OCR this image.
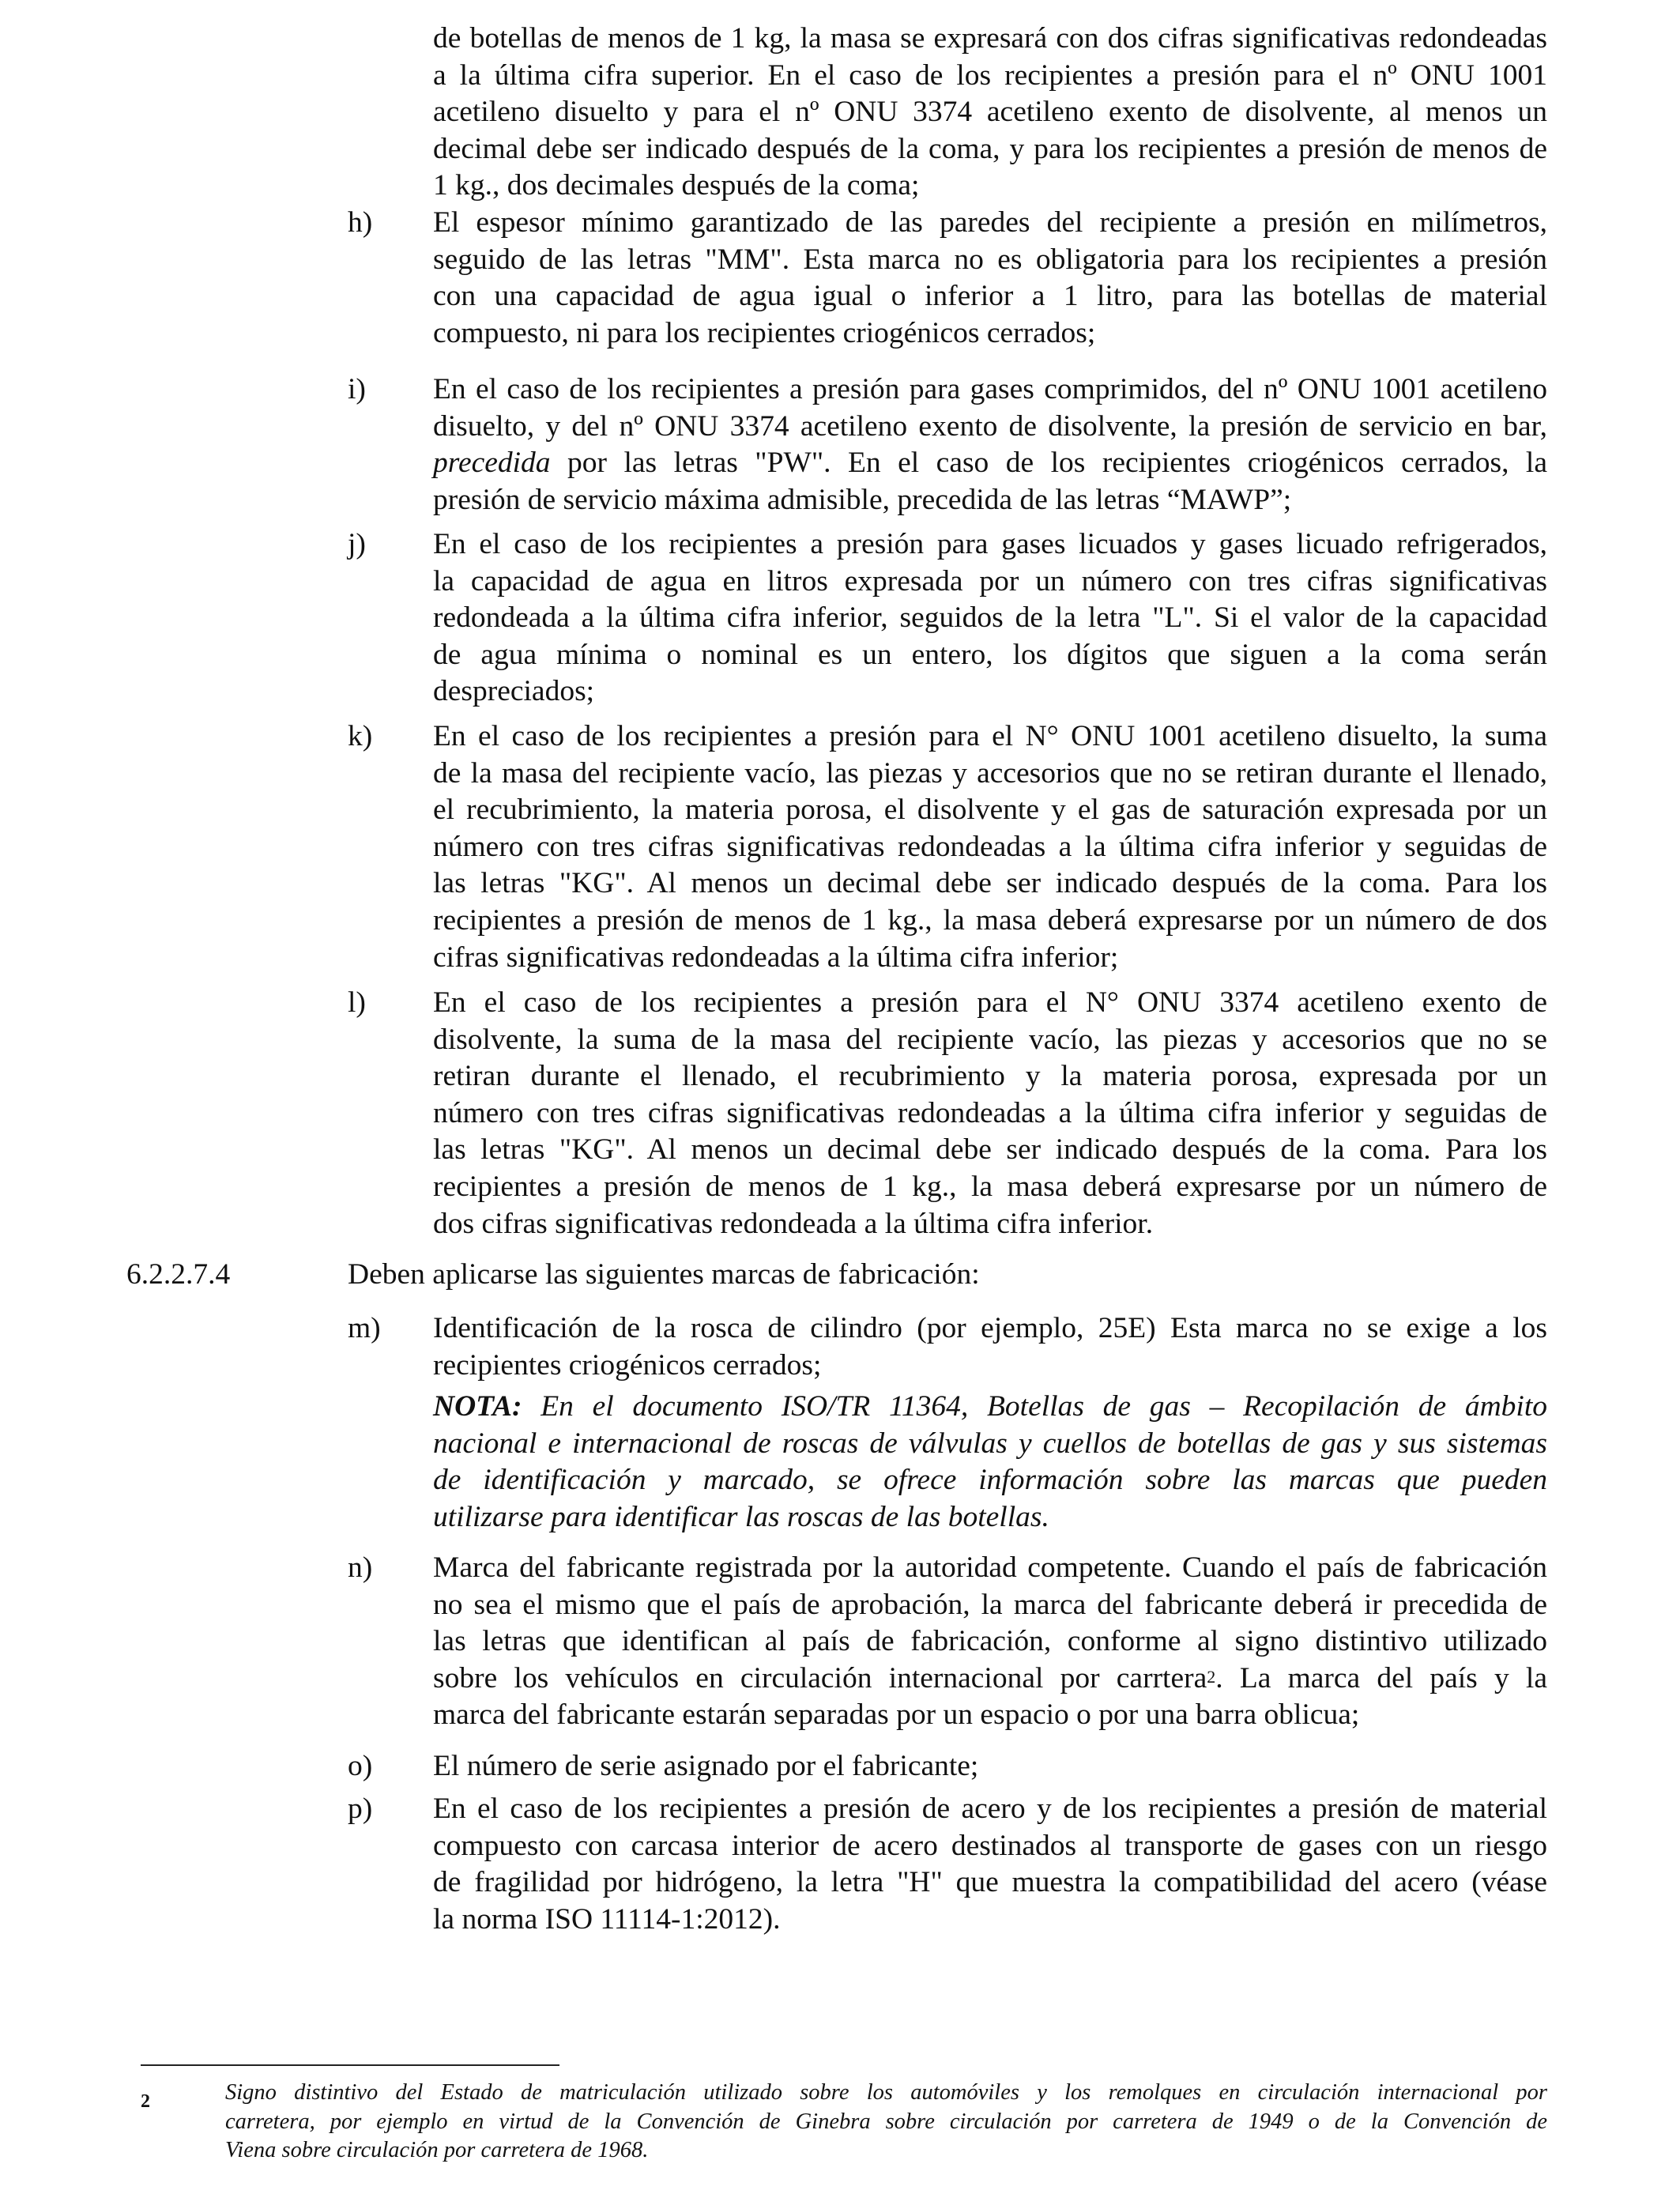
de botellas de menos de 1 kg, la masa se expresará con dos cifras significativas redondeadas
a la última cifra superior. En el caso de los recipientes a presión para el nº ONU 1001
acetileno disuelto y para el nº ONU 3374 acetileno exento de disolvente, al menos un
decimal debe ser indicado después de la coma, y para los recipientes a presión de menos de
1 kg., dos decimales después de la coma;
h)	El espesor mínimo garantizado de las paredes del recipiente a presión en milímetros,
seguido de las letras "MM". Esta marca no es obligatoria para los recipientes a presión
con una capacidad de agua igual o inferior a 1 litro, para las botellas de material
compuesto, ni para los recipientes criogénicos cerrados;
i)	En el caso de los recipientes a presión para gases comprimidos, del nº ONU 1001 acetileno
disuelto, y del nº ONU 3374 acetileno exento de disolvente, la presión de servicio en bar,
precedida por las letras "PW". En el caso de los recipientes criogénicos cerrados, la
presión de servicio máxima admisible, precedida de las letras “MAWP”;
j)	En el caso de los recipientes a presión para gases licuados y gases licuado refrigerados,
la capacidad de agua en litros expresada por un número con tres cifras significativas
redondeada a la última cifra inferior, seguidos de la letra "L". Si el valor de la capacidad
de agua mínima o nominal es un entero, los dígitos que siguen a la coma serán
despreciados;
k)	En el caso de los recipientes a presión para el N° ONU 1001 acetileno disuelto, la suma
de la masa del recipiente vacío, las piezas y accesorios que no se retiran durante el llenado,
el recubrimiento, la materia porosa, el disolvente y el gas de saturación expresada por un
número con tres cifras significativas redondeadas a la última cifra inferior y seguidas de
las letras "KG". Al menos un decimal debe ser indicado después de la coma. Para los
recipientes a presión de menos de 1 kg., la masa deberá expresarse por un número de dos
cifras significativas redondeadas a la última cifra inferior;
l)	En el caso de los recipientes a presión para el N° ONU 3374 acetileno exento de
disolvente, la suma de la masa del recipiente vacío, las piezas y accesorios que no se
retiran durante el llenado, el recubrimiento y la materia porosa, expresada por un
número con tres cifras significativas redondeadas a la última cifra inferior y seguidas de
las letras "KG". Al menos un decimal debe ser indicado después de la coma. Para los
recipientes a presión de menos de 1 kg., la masa deberá expresarse por un número de
dos cifras significativas redondeada a la última cifra inferior.
6.2.2.7.4	Deben aplicarse las siguientes marcas de fabricación:
m)	Identificación de la rosca de cilindro (por ejemplo, 25E) Esta marca no se exige a los
recipientes criogénicos cerrados;
NOTA: En el documento ISO/TR 11364, Botellas de gas – Recopilación de ámbito
nacional e internacional de roscas de válvulas y cuellos de botellas de gas y sus sistemas
de identificación y marcado, se ofrece información sobre las marcas que pueden
utilizarse para identificar las roscas de las botellas.
n)	Marca del fabricante registrada por la autoridad competente. Cuando el país de fabricación
no sea el mismo que el país de aprobación, la marca del fabricante deberá ir precedida de
las letras que identifican al país de fabricación, conforme al signo distintivo utilizado
sobre los vehículos en circulación internacional por carrtera$^2$. La marca del país y la
marca del fabricante estarán separadas por un espacio o por una barra oblicua;
o)	El número de serie asignado por el fabricante;
p)	En el caso de los recipientes a presión de acero y de los recipientes a presión de material
compuesto con carcasa interior de acero destinados al transporte de gases con un riesgo
de fragilidad por hidrógeno, la letra "H" que muestra la compatibilidad del acero (véase
la norma ISO 11114-1:2012).
2	Signo distintivo del Estado de matriculación utilizado sobre los automóviles y los remolques en circulación internacional por
carretera, por ejemplo en virtud de la Convención de Ginebra sobre circulación por carretera de 1949 o de la Convención de
Viena sobre circulación por carretera de 1968.
